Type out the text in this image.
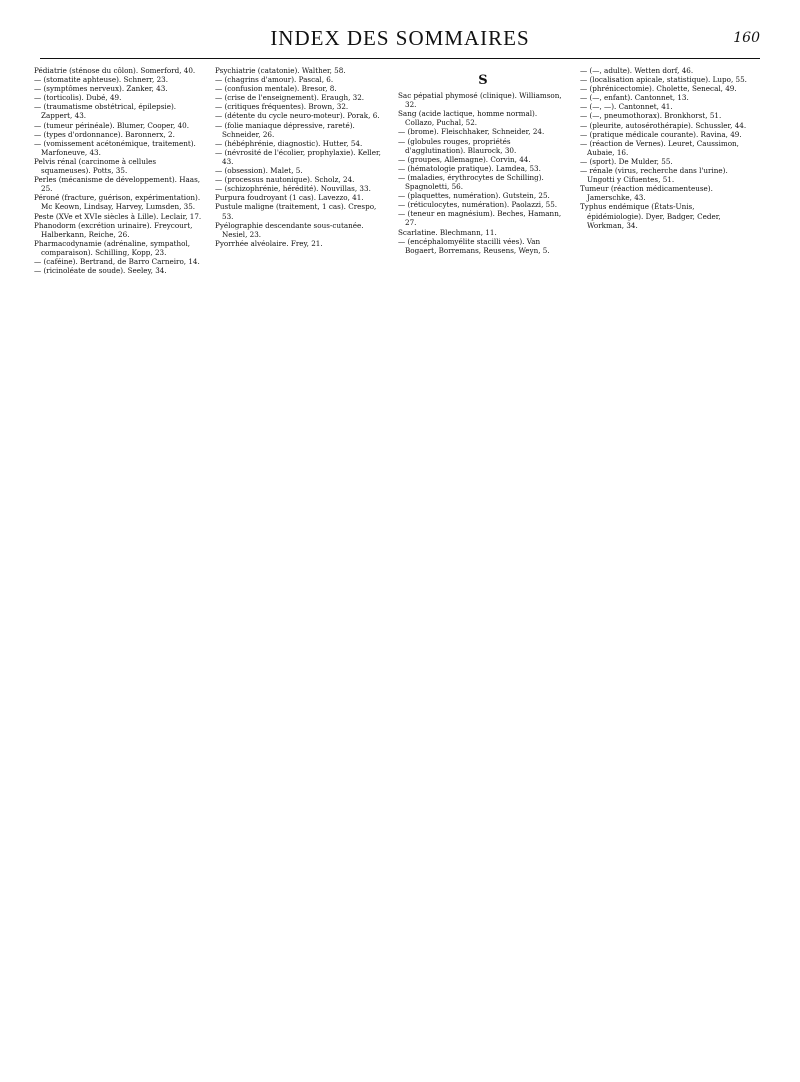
INDEX DES SOMMAIRES	160

Pédiatrie (sténose du côlon). Somerford, 40.

— (stomatite aphteuse). Schnerr, 23.

— (symptômes nerveux). Zanker, 43.

— (torticolis). Dubé, 49.

— (traumatisme obstétrical, épilepsie). Zappert, 43.

— (tumeur périnéale). Blumer, Cooper, 40.

— (types d'ordonnance). Baronnerx, 2.

— (vomissement acétonémique, traitement). Marfoneuve, 43.

Pelvis rénal (carcinome à cellules squameuses). Potts, 35.

Perles (mécanisme de développement). Haas, 25.

Péroné (fracture, guérison, expérimentation). Mc Keown, Lindsay, Harvey, Lumsden, 35.

Peste (XVe et XVIe siècles à Lille). Leclair, 17.

Phanodorm (excrétion urinaire). Freycourt, Halberkann, Reiche, 26.

Pharmacodynamie (adrénaline, sympathol, comparaison). Schilling, Kopp, 23.

— (caféine). Bertrand, de Barro Carneiro, 14.

— (ricinoléate de soude). Seeley, 34.

Psychiatrie (catatonie). Walther, 58.

— (chagrins d'amour). Pascal, 6.

— (confusion mentale). Bresor, 8.

— (crise de l'enseignement). Eraugh, 32.

— (critiques fréquentes). Brown, 32.

— (détente du cycle neuro-moteur). Porak, 6.

— (folie maniaque dépressive, rareté). Schneider, 26.

— (hébéphrénie, diagnostic). Hutter, 54.

— (névrosité de l'écolier, prophylaxie). Keller, 43.

— (obsession). Malet, 5.

— (processus nautonique). Scholz, 24.

— (schizophrénie, hérédité). Nouvillas, 33.

Purpura foudroyant (1 cas). Lavezzo, 41.

Pustule maligne (traitement, 1 cas). Crespo, 53.

Pyélographie descendante sous-cutanée. Nesiel, 23.

Pyorrhée alvéolaire. Frey, 21.

S

Sac pépatial phymosé (clinique). Williamson, 32.

Sang (acide lactique, homme normal). Collazo, Puchal, 52.

— (brome). Fleischhaker, Schneider, 24.

— (globules rouges, propriétés d'agglutination). Blaurock, 30.

— (groupes, Allemagne). Corvin, 44.

— (hématologie pratique). Lamdea, 53.

— (maladies, érythrocytes de Schilling). Spagnoletti, 56.

— (plaquettes, numération). Gutstein, 25.

— (réticulocytes, numération). Paolazzi, 55.

— (teneur en magnésium). Beches, Hamann, 27.

Scarlatine. Blechmann, 11.

— (encéphalomyélite stacilli vées). Van Bogaert, Borremans, Reusens, Weyn, 5.

— (—, adulte). Wetten dorf, 46.

— (localisation apicale, statistique). Lupo, 55.

— (phrénicectomie). Cholette, Senecal, 49.

— (—, enfant). Cantonnet, 13.

— (—, —). Cantonnet, 41.

— (—, pneumothorax). Bronkhorst, 51.

— (pleurite, autosérothérapie). Schussler, 44.

— (pratique médicale courante). Ravina, 49.

— (réaction de Vernes). Leuret, Caussimon, Aubaie, 16.

— (sport). De Mulder, 55.

— rénale (virus, recherche dans l'urine). Ungotti y Cifuentes, 51.

Tumeur (réaction médicamenteuse). Jamerschke, 43.

Typhus endémique (États-Unis, épidémiologie). Dyer, Badger, Ceder, Workman, 34.
